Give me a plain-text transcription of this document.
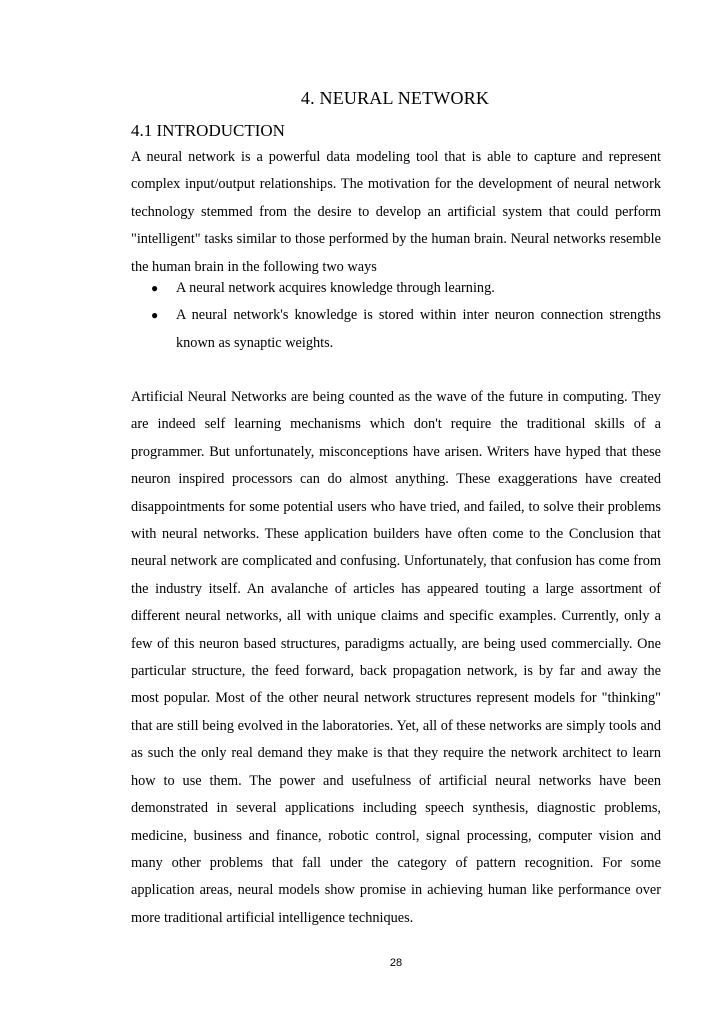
4. NEURAL NETWORK
4.1 INTRODUCTION

A neural network is a powerful data modeling tool that is able to capture and represent complex input/output relationships. The motivation for the development of neural network technology stemmed from the desire to develop an artificial system that could perform "intelligent" tasks similar to those performed by the human brain. Neural networks resemble the human brain in the following two ways

● A neural network acquires knowledge through learning.
● A neural network's knowledge is stored within inter neuron connection strengths known as synaptic weights.

Artificial Neural Networks are being counted as the wave of the future in computing. They are indeed self learning mechanisms which don't require the traditional skills of a programmer. But unfortunately, misconceptions have arisen. Writers have hyped that these neuron inspired processors can do almost anything. These exaggerations have created disappointments for some potential users who have tried, and failed, to solve their problems with neural networks. These application builders have often come to the Conclusion that neural network are complicated and confusing. Unfortunately, that confusion has come from the industry itself. An avalanche of articles has appeared touting a large assortment of different neural networks, all with unique claims and specific examples. Currently, only a few of this neuron based structures, paradigms actually, are being used commercially. One particular structure, the feed forward, back propagation network, is by far and away the most popular. Most of the other neural network structures represent models for "thinking" that are still being evolved in the laboratories. Yet, all of these networks are simply tools and as such the only real demand they make is that they require the network architect to learn how to use them. The power and usefulness of artificial neural networks have been demonstrated in several applications including speech synthesis, diagnostic problems, medicine, business and finance, robotic control, signal processing, computer vision and many other problems that fall under the category of pattern recognition. For some application areas, neural models show promise in achieving human like performance over more traditional artificial intelligence techniques.

28
